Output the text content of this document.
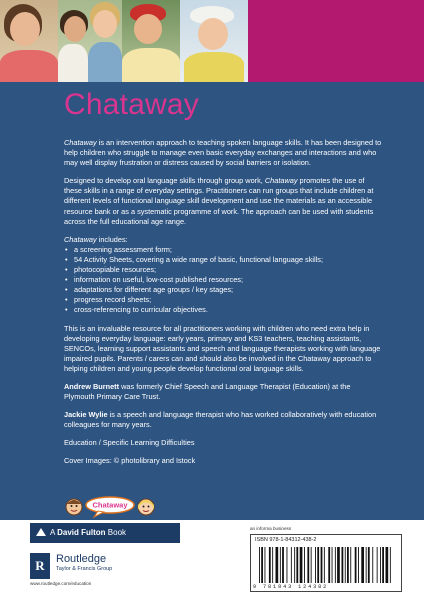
Chataway

Chataway is an intervention approach to teaching spoken language skills. It has been designed to help children who struggle to manage even basic everyday exchanges and interactions and who may well display frustration or distress caused by social barriers or isolation.

Designed to develop oral language skills through group work, Chataway promotes the use of these skills in a range of everyday settings. Practitioners can run groups that include children at different levels of functional language skill development and use the materials as an accessible resource bank or as a systematic programme of work. The approach can be used with students across the full educational age range.

Chataway includes:

• a screening assessment form;
• 54 Activity Sheets, covering a wide range of basic, functional language skills;
• photocopiable resources;
• information on useful, low-cost published resources;
• adaptations for different age groups / key stages;
• progress record sheets;
• cross-referencing to curricular objectives.

This is an invaluable resource for all practitioners working with children who need extra help in developing everyday language: early years, primary and KS3 teachers, teaching assistants, SENCOs, learning support assistants and speech and language therapists working with language impaired pupils. Parents / carers can and should also be involved in the Chataway approach to helping children and young people develop functional oral language skills.

Andrew Burnett was formerly Chief Speech and Language Therapist (Education) at the Plymouth Primary Care Trust.

Jackie Wylie is a speech and language therapist who has worked collaboratively with education colleagues for many years.

Education / Specific Learning Difficulties

Cover Images: © photolibrary and Istock

Chataway
A David Fulton Book
R	Routledge
Taylor & Francis Group
www.routledge.com/education
an informa business
ISBN 978-1-84312-438-2
9 781843 124382
